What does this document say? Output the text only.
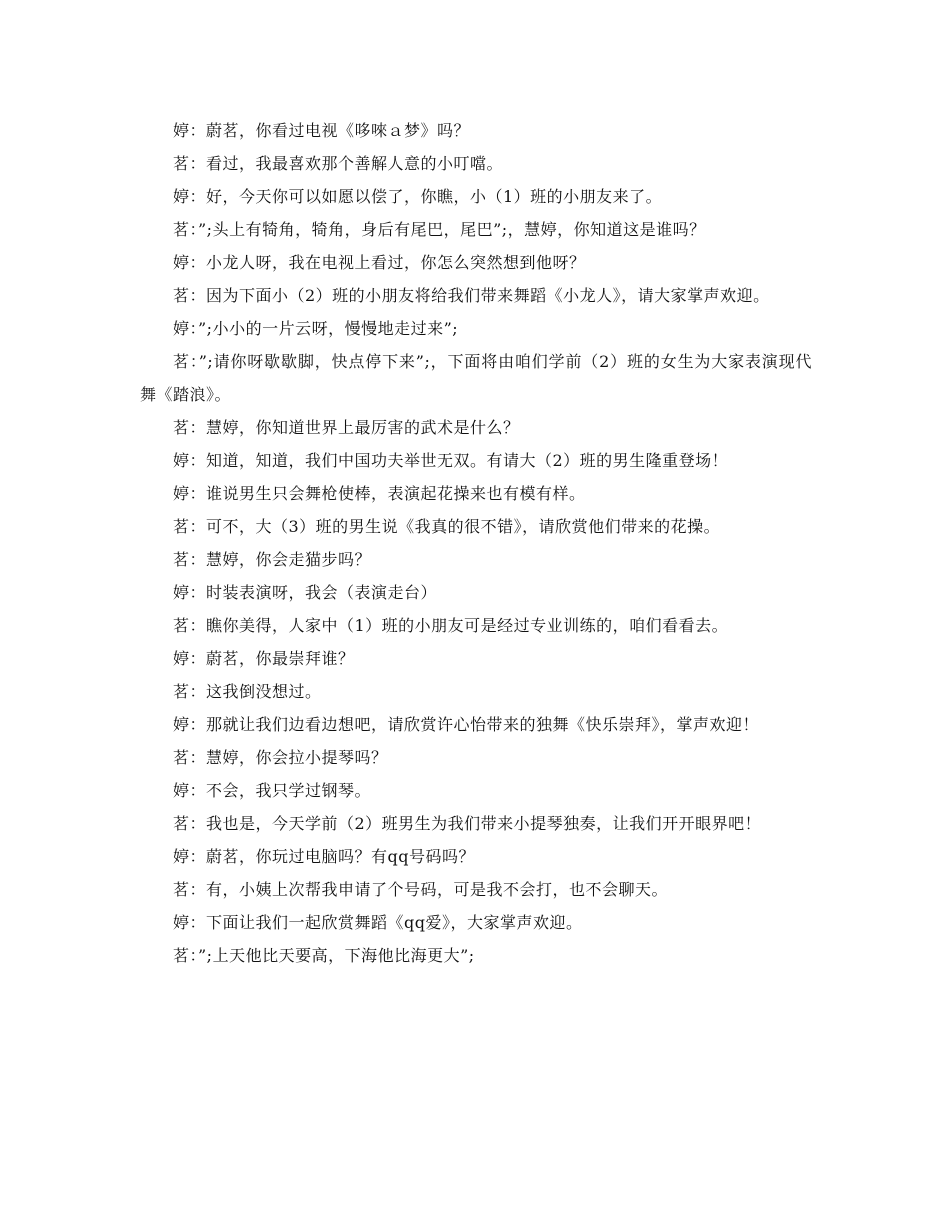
婷：蔚茗，你看过电视《哆唻ａ梦》吗？

茗：看过，我最喜欢那个善解人意的小叮噹。

婷：好，今天你可以如愿以偿了，你瞧，小（1）班的小朋友来了。

茗：”;头上有犄角，犄角，身后有尾巴，尾巴”;，慧婷，你知道这是谁吗？

婷：小龙人呀，我在电视上看过，你怎么突然想到他呀？

茗：因为下面小（2）班的小朋友将给我们带来舞蹈《小龙人》，请大家掌声欢迎。

婷：”;小小的一片云呀，慢慢地走过来”;

茗：”;请你呀歇歇脚，快点停下来”;，下面将由咱们学前（2）班的女生为大家表演现代舞《踏浪》。

茗：慧婷，你知道世界上最厉害的武术是什么？

婷：知道，知道，我们中国功夫举世无双。有请大（2）班的男生隆重登场！

婷：谁说男生只会舞枪使棒，表演起花操来也有模有样。

茗：可不，大（3）班的男生说《我真的很不错》，请欣赏他们带来的花操。

茗：慧婷，你会走猫步吗？

婷：时装表演呀，我会（表演走台）

茗：瞧你美得，人家中（1）班的小朋友可是经过专业训练的，咱们看看去。

婷：蔚茗，你最崇拜谁？

茗：这我倒没想过。

婷：那就让我们边看边想吧，请欣赏许心怡带来的独舞《快乐崇拜》，掌声欢迎！

茗：慧婷，你会拉小提琴吗？

婷：不会，我只学过钢琴。

茗：我也是，今天学前（2）班男生为我们带来小提琴独奏，让我们开开眼界吧！

婷：蔚茗，你玩过电脑吗？有qq号码吗？

茗：有，小姨上次帮我申请了个号码，可是我不会打，也不会聊天。

婷：下面让我们一起欣赏舞蹈《qq爱》，大家掌声欢迎。

茗：”;上天他比天要高，下海他比海更大”;
